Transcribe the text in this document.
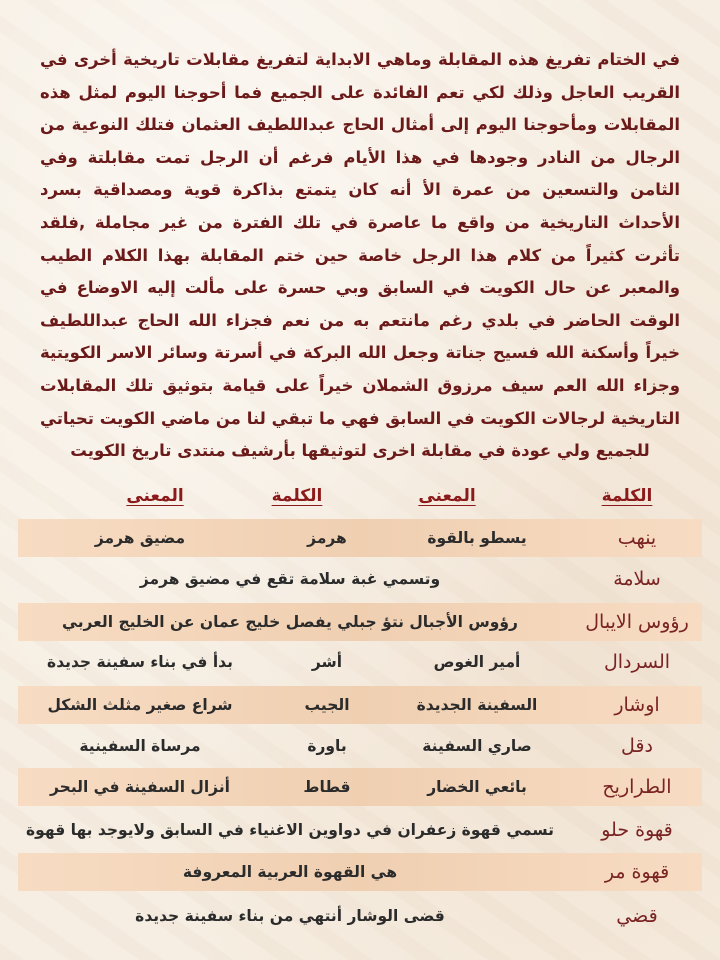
في الختام تفريغ هذه المقابلة وماهي الابداية لتفريغ مقابلات تاريخية أخرى في القريب العاجل وذلك لكي تعم الفائدة على الجميع فما أحوجنا اليوم لمثل هذه المقابلات ومأحوجنا اليوم إلى أمثال الحاج عبداللطيف العثمان فتلك النوعية من الرجال من النادر وجودها في هذا الأيام فرغم أن الرجل تمت مقابلتة وفي الثامن والتسعين من عمرة الأ أنه كان يتمتع بذاكرة قوية ومصداقية بسرد الأحداث التاريخية من واقع ما عاصرة في تلك الفترة من غير مجاملة ,فلقد تأثرت كثيراً من كلام هذا الرجل خاصة حين ختم المقابلة بهذا الكلام الطيب والمعبر عن حال الكويت في السابق وبي حسرة على مألت إليه الاوضاع في الوقت الحاضر في بلدي رغم مانتعم به من نعم فجزاء الله الحاج عبداللطيف خيراً وأسكنة الله فسيح جناتة وجعل الله البركة في أسرتة وسائر الاسر الكويتية وجزاء الله العم سيف مرزوق الشملان خيراً على قيامة بتوثيق تلك المقابلات التاريخية لرجالات الكويت في السابق فهي ما تبقي لنا من ماضي الكويت تحياتي للجميع ولي عودة في مقابلة اخرى لتوثيقها بأرشيف منتدى تاريخ الكويت
الكلمة
المعنى
الكلمة
المعنى
ينهب
يسطو بالقوة
هرمز
مضيق هرمز
سلامة
وتسمي غبة سلامة تقع في مضيق هرمز
رؤوس الايبال
رؤوس الأجبال نتؤ جبلي يفصل خليج عمان عن الخليج العربي
السردال
أمير الغوص
أشر
بدأ في بناء سفينة جديدة
اوشار
السفينة الجديدة
الجيب
شراع صغير مثلث الشكل
دقل
صاري السفينة
باورة
مرساة السفينية
الطراريح
بائعي الخضار
قطاط
أنزال السفينة في البحر
قهوة حلو
تسمي قهوة زعفران في دواوين الاغنياء في السابق ولايوجد بها قهوة
قهوة مر
هي القهوة العربية المعروفة
قضي
قضى الوشار أنتهي من بناء سفينة جديدة
